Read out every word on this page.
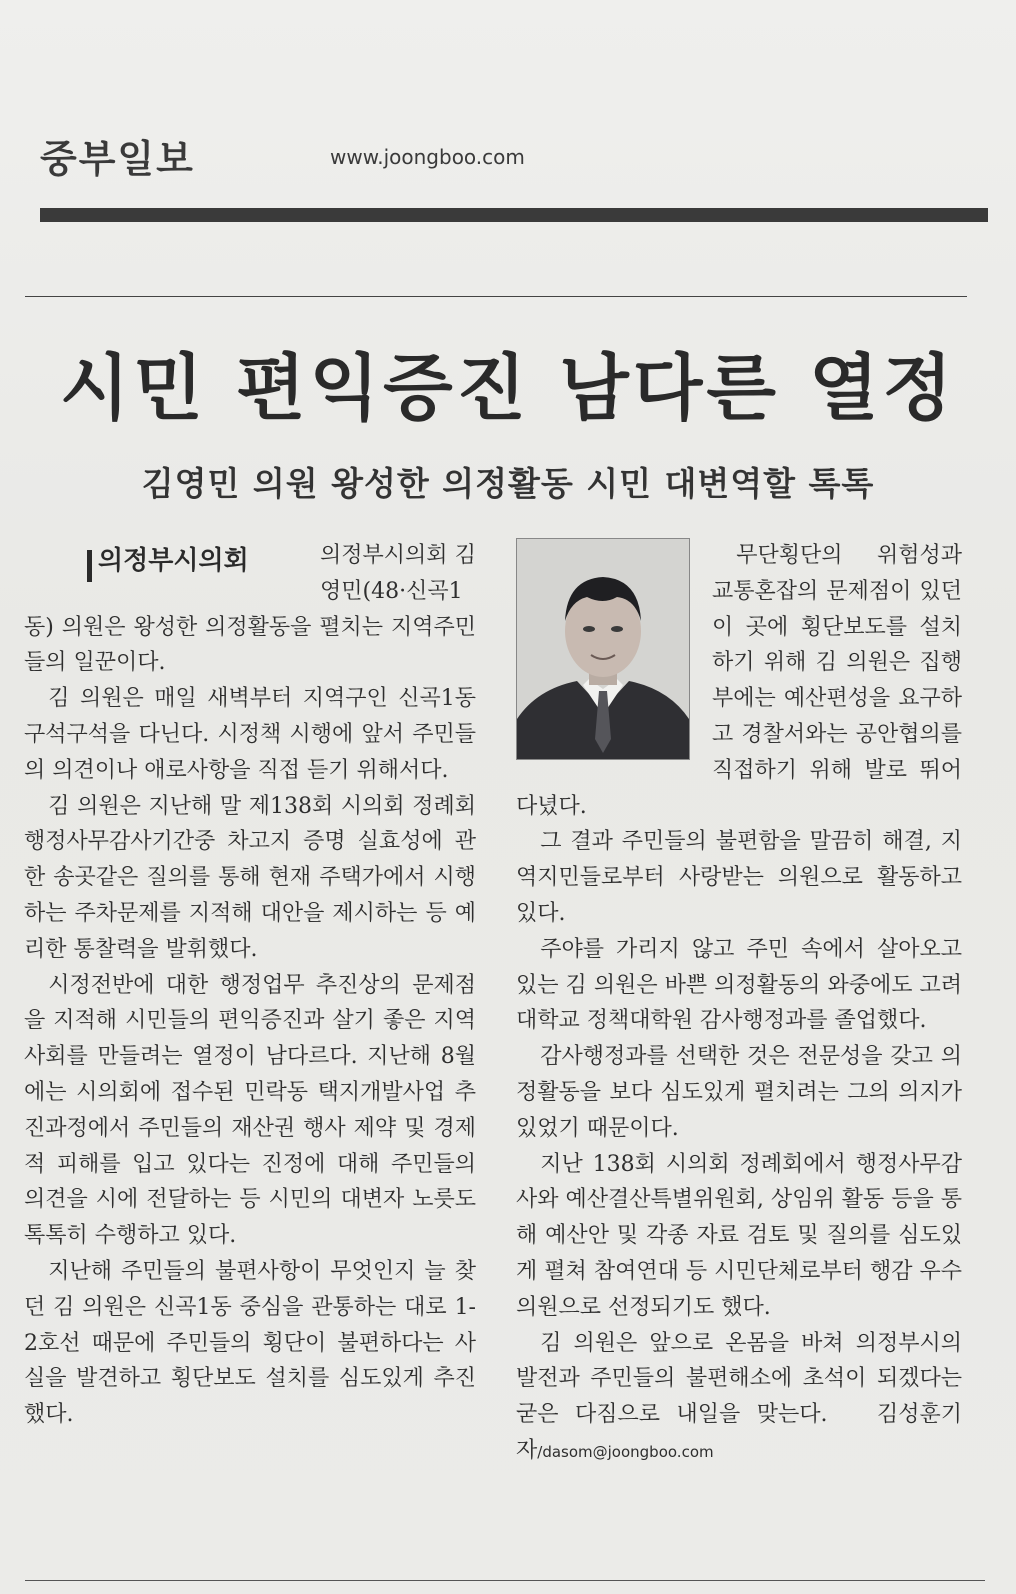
중부일보	www.joongboo.com
시민 편익증진 남다른 열정
김영민 의원 왕성한 의정활동 시민 대변역할 톡톡
의정부시의회	의정부시의회 김영민(48·신곡1동) 의원은 왕성한 의정활동을 펼치는 지역주민들의 일꾼이다.

김 의원은 매일 새벽부터 지역구인 신곡1동 구석구석을 다닌다. 시정책 시행에 앞서 주민들의 의견이나 애로사항을 직접 듣기 위해서다.

김 의원은 지난해 말 제138회 시의회 정례회 행정사무감사기간중 차고지 증명 실효성에 관한 송곳같은 질의를 통해 현재 주택가에서 시행하는 주차문제를 지적해 대안을 제시하는 등 예리한 통찰력을 발휘했다.

시정전반에 대한 행정업무 추진상의 문제점을 지적해 시민들의 편익증진과 살기 좋은 지역사회를 만들려는 열정이 남다르다. 지난해 8월에는 시의회에 접수된 민락동 택지개발사업 추진과정에서 주민들의 재산권 행사 제약 및 경제적 피해를 입고 있다는 진정에 대해 주민들의 의견을 시에 전달하는 등 시민의 대변자 노릇도 톡톡히 수행하고 있다.

지난해 주민들의 불편사항이 무엇인지 늘 찾던 김 의원은 신곡1동 중심을 관통하는 대로 1-2호선 때문에 주민들의 횡단이 불편하다는 사실을 발견하고 횡단보도 설치를 심도있게 추진했다.

무단횡단의 위험성과 교통혼잡의 문제점이 있던 이 곳에 횡단보도를 설치하기 위해 김 의원은 집행부에는 예산편성을 요구하고 경찰서와는 공안협의를 직접하기 위해 발로 뛰어다녔다.

그 결과 주민들의 불편함을 말끔히 해결, 지역지민들로부터 사랑받는 의원으로 활동하고 있다.

주야를 가리지 않고 주민 속에서 살아오고 있는 김 의원은 바쁜 의정활동의 와중에도 고려대학교 정책대학원 감사행정과를 졸업했다.

감사행정과를 선택한 것은 전문성을 갖고 의정활동을 보다 심도있게 펼치려는 그의 의지가 있었기 때문이다.

지난 138회 시의회 정례회에서 행정사무감사와 예산결산특별위원회, 상임위 활동 등을 통해 예산안 및 각종 자료 검토 및 질의를 심도있게 펼쳐 참여연대 등 시민단체로부터 행감 우수의원으로 선정되기도 했다.

김 의원은 앞으로 온몸을 바쳐 의정부시의 발전과 주민들의 불편해소에 초석이 되겠다는 굳은 다짐으로 내일을 맞는다. 김성훈기자/dasom@joongboo.com
